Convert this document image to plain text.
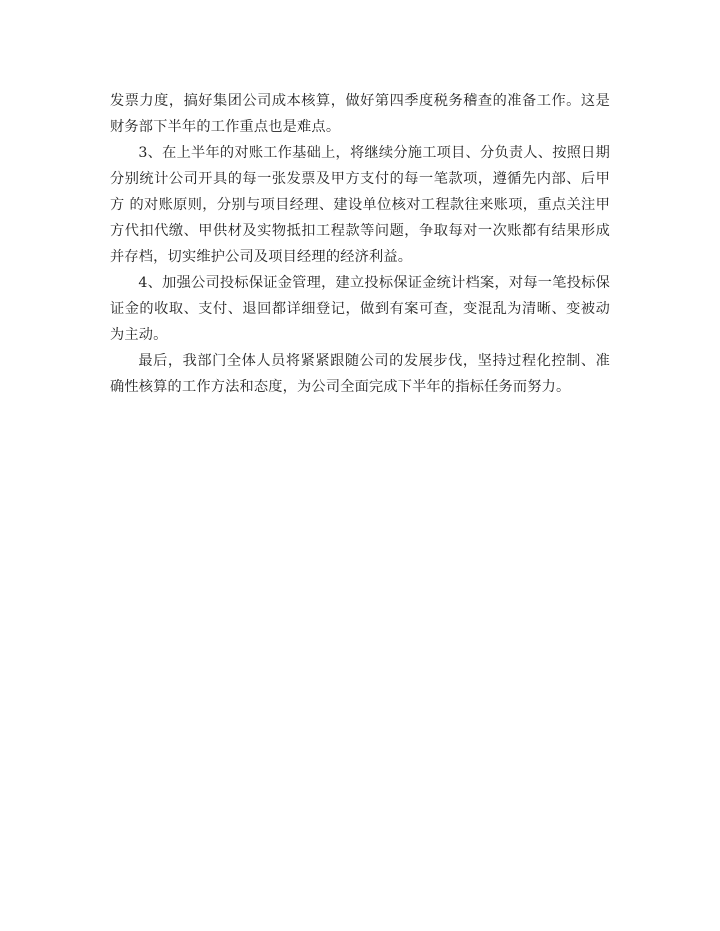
发票力度，搞好集团公司成本核算，做好第四季度税务稽查的准备工作。这是财务部下半年的工作重点也是难点。

3、在上半年的对账工作基础上，将继续分施工项目、分负责人、按照日期分别统计公司开具的每一张发票及甲方支付的每一笔款项，遵循先内部、后甲方 的对账原则，分别与项目经理、建设单位核对工程款往来账项，重点关注甲方代扣代缴、甲供材及实物抵扣工程款等问题，争取每对一次账都有结果形成并存档，切实维护公司及项目经理的经济利益。

4、加强公司投标保证金管理，建立投标保证金统计档案，对每一笔投标保证金的收取、支付、退回都详细登记，做到有案可查，变混乱为清晰、变被动为主动。

最后，我部门全体人员将紧紧跟随公司的发展步伐，坚持过程化控制、准确性核算的工作方法和态度，为公司全面完成下半年的指标任务而努力。
